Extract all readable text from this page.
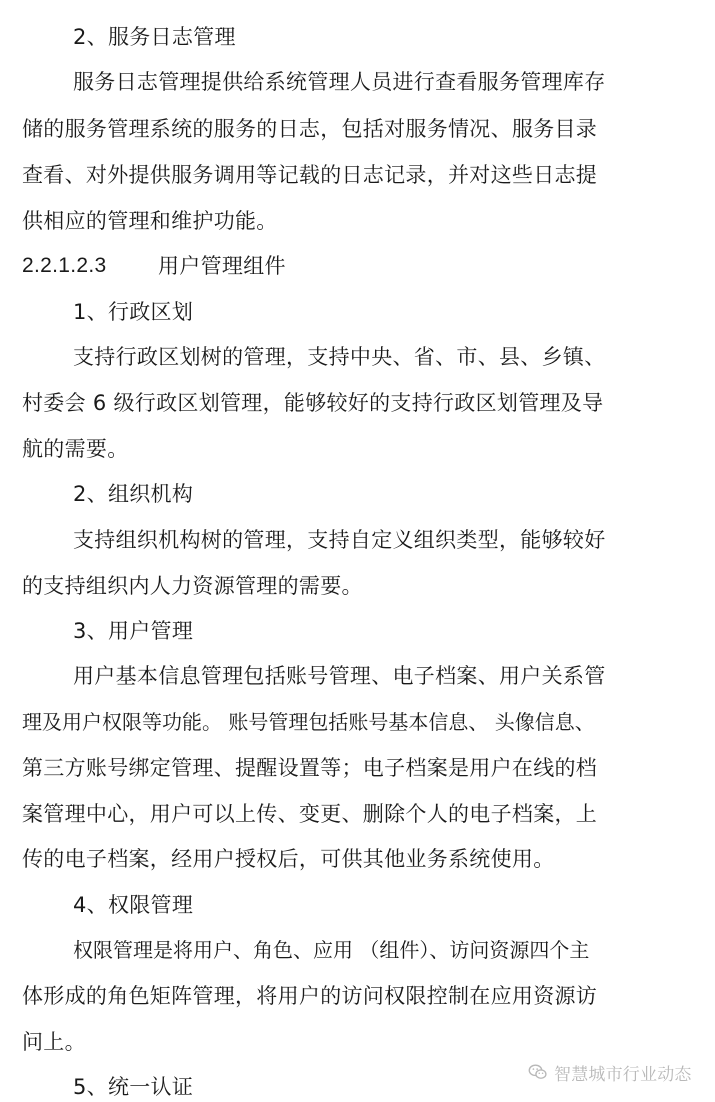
2、服务日志管理
服务日志管理提供给系统管理人员进行查看服务管理库存
储的服务管理系统的服务的日志，包括对服务情况、服务目录
查看、对外提供服务调用等记载的日志记录，并对这些日志提
供相应的管理和维护功能。
2.2.1.2.3 用户管理组件
1、行政区划
支持行政区划树的管理，支持中央、省、市、县、乡镇、
村委会 6 级行政区划管理，能够较好的支持行政区划管理及导
航的需要。
2、组织机构
支持组织机构树的管理，支持自定义组织类型，能够较好
的支持组织内人力资源管理的需要。
3、用户管理
用户基本信息管理包括账号管理、电子档案、用户关系管
理及用户权限等功能。 账号管理包括账号基本信息、 头像信息、
第三方账号绑定管理、提醒设置等；电子档案是用户在线的档
案管理中心，用户可以上传、变更、删除个人的电子档案，上
传的电子档案，经用户授权后，可供其他业务系统使用。
4、权限管理
权限管理是将用户、角色、应用 （组件）、访问资源四个主
体形成的角色矩阵管理，将用户的访问权限控制在应用资源访
问上。
5、统一认证
智慧城市行业动态
